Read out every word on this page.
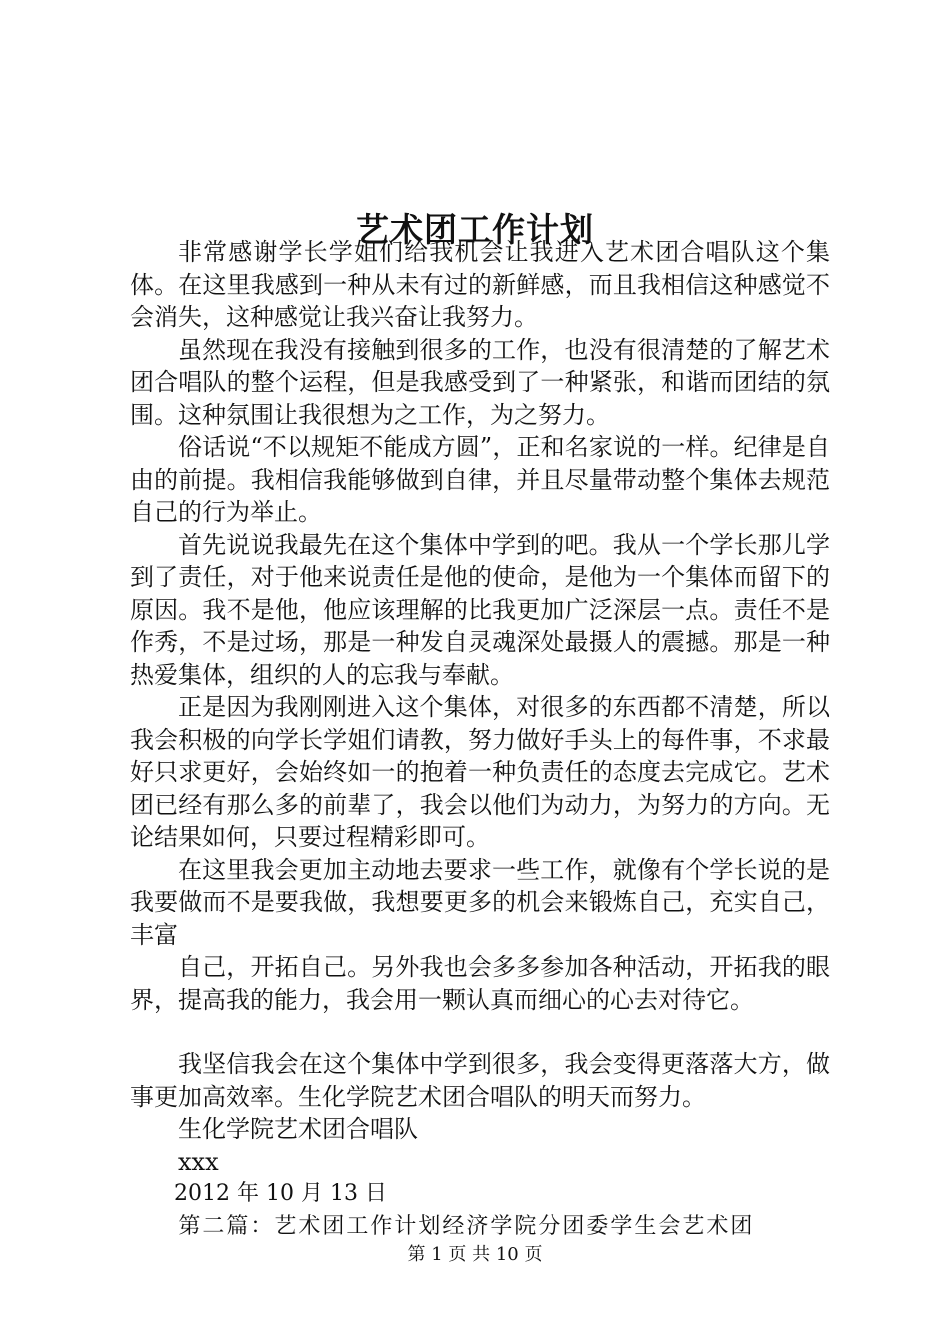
艺术团工作计划

非常感谢学长学姐们给我机会让我进入艺术团合唱队这个集体。在这里我感到一种从未有过的新鲜感，而且我相信这种感觉不会消失，这种感觉让我兴奋让我努力。

虽然现在我没有接触到很多的工作，也没有很清楚的了解艺术团合唱队的整个运程，但是我感受到了一种紧张，和谐而团结的氛围。这种氛围让我很想为之工作，为之努力。

俗话说“不以规矩不能成方圆”，正和名家说的一样。纪律是自由的前提。我相信我能够做到自律，并且尽量带动整个集体去规范自己的行为举止。

首先说说我最先在这个集体中学到的吧。我从一个学长那儿学到了责任，对于他来说责任是他的使命，是他为一个集体而留下的原因。我不是他，他应该理解的比我更加广泛深层一点。责任不是作秀，不是过场，那是一种发自灵魂深处最摄人的震撼。那是一种热爱集体，组织的人的忘我与奉献。

正是因为我刚刚进入这个集体，对很多的东西都不清楚，所以我会积极的向学长学姐们请教，努力做好手头上的每件事，不求最好只求更好，会始终如一的抱着一种负责任的态度去完成它。艺术团已经有那么多的前辈了，我会以他们为动力，为努力的方向。无论结果如何，只要过程精彩即可。

在这里我会更加主动地去要求一些工作，就像有个学长说的是我要做而不是要我做，我想要更多的机会来锻炼自己，充实自己，丰富

自己，开拓自己。另外我也会多多参加各种活动，开拓我的眼界，提高我的能力，我会用一颗认真而细心的心去对待它。

我坚信我会在这个集体中学到很多，我会变得更落落大方，做事更加高效率。生化学院艺术团合唱队的明天而努力。

生化学院艺术团合唱队

xxx

2012 年 10 月 13 日

第二篇：艺术团工作计划经济学院分团委学生会艺术团

第 1 页 共 10 页
